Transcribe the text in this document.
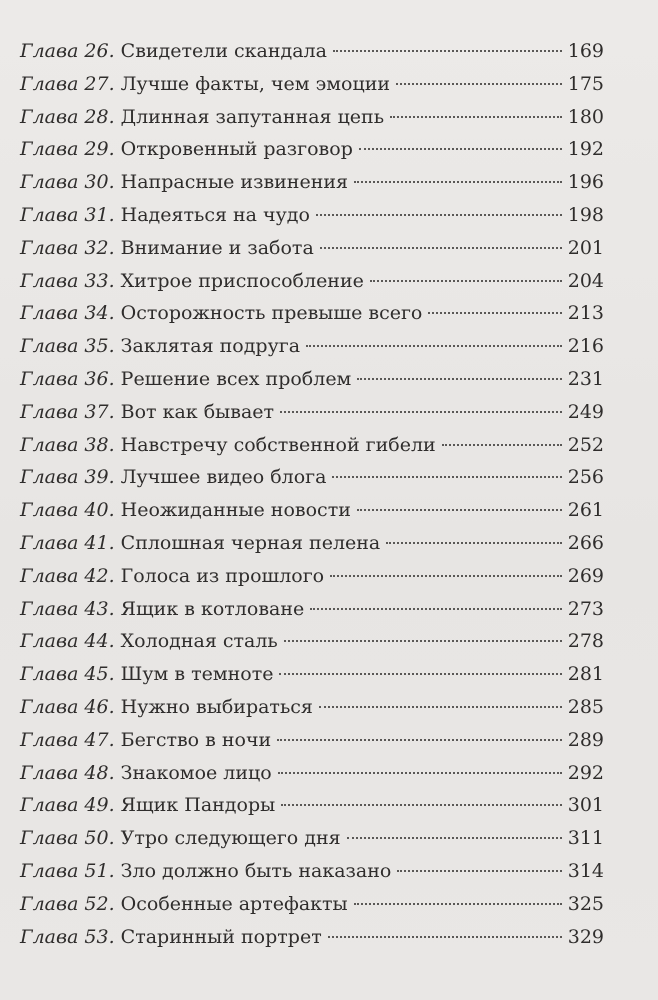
Глава 26. Свидетели скандала	169
Глава 27. Лучше факты, чем эмоции	175
Глава 28. Длинная запутанная цепь	180
Глава 29. Откровенный разговор	192
Глава 30. Напрасные извинения	196
Глава 31. Надеяться на чудо	198
Глава 32. Внимание и забота	201
Глава 33. Хитрое приспособление	204
Глава 34. Осторожность превыше всего	213
Глава 35. Заклятая подруга	216
Глава 36. Решение всех проблем	231
Глава 37. Вот как бывает	249
Глава 38. Навстречу собственной гибели	252
Глава 39. Лучшее видео блога	256
Глава 40. Неожиданные новости	261
Глава 41. Сплошная черная пелена	266
Глава 42. Голоса из прошлого	269
Глава 43. Ящик в котловане	273
Глава 44. Холодная сталь	278
Глава 45. Шум в темноте	281
Глава 46. Нужно выбираться	285
Глава 47. Бегство в ночи	289
Глава 48. Знакомое лицо	292
Глава 49. Ящик Пандоры	301
Глава 50. Утро следующего дня	311
Глава 51. Зло должно быть наказано	314
Глава 52. Особенные артефакты	325
Глава 53. Старинный портрет	329
